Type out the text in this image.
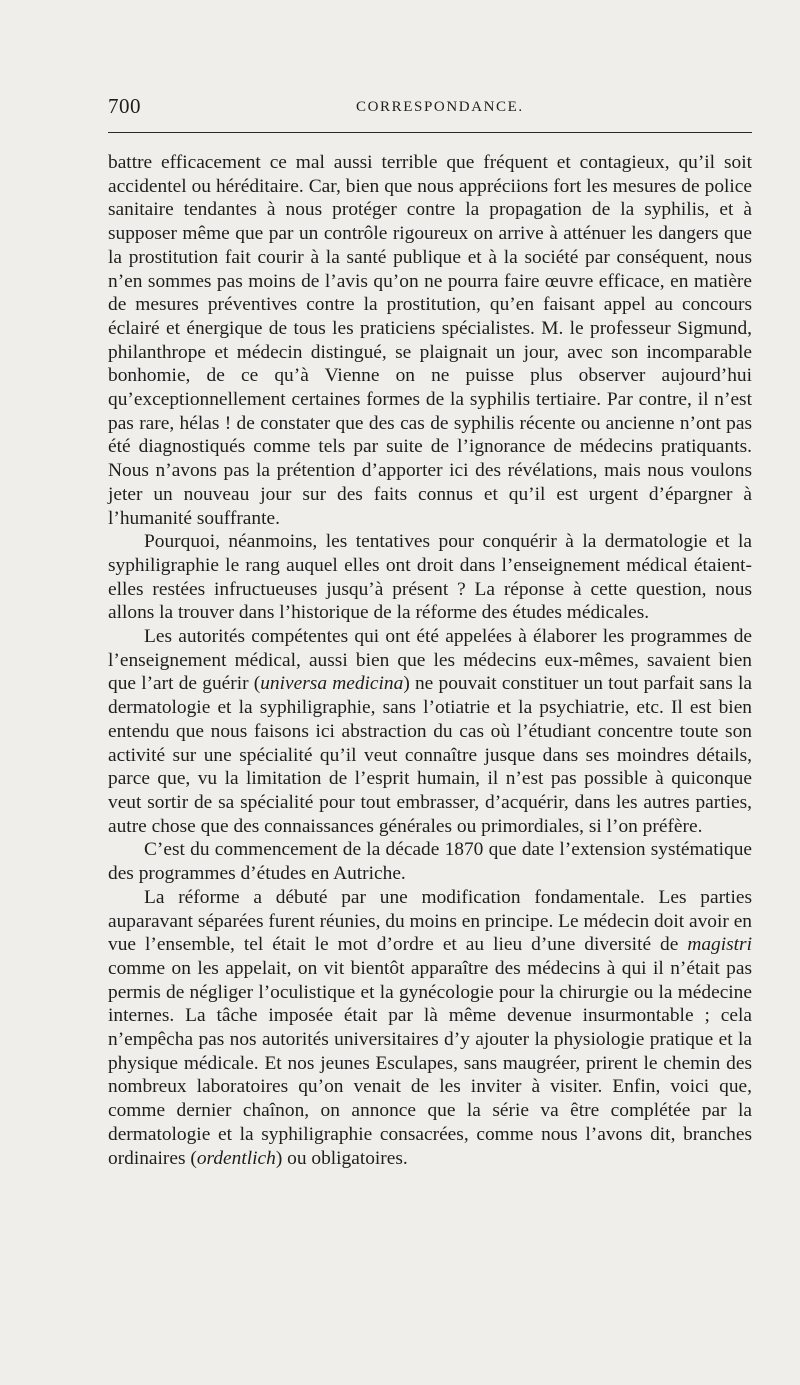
700	CORRESPONDANCE.

battre efficacement ce mal aussi terrible que fréquent et contagieux, qu’il soit accidentel ou héréditaire. Car, bien que nous appréciions fort les mesures de police sanitaire tendantes à nous protéger contre la propagation de la syphilis, et à supposer même que par un contrôle rigoureux on arrive à atténuer les dangers que la prostitution fait courir à la santé publique et à la société par conséquent, nous n’en sommes pas moins de l’avis qu’on ne pourra faire œuvre efficace, en matière de mesures préventives contre la prostitution, qu’en faisant appel au concours éclairé et énergique de tous les praticiens spécialistes. M. le professeur Sigmund, philanthrope et médecin distingué, se plaignait un jour, avec son incomparable bonhomie, de ce qu’à Vienne on ne puisse plus observer aujourd’hui qu’exceptionnellement certaines formes de la syphilis tertiaire. Par contre, il n’est pas rare, hélas ! de constater que des cas de syphilis récente ou ancienne n’ont pas été diagnostiqués comme tels par suite de l’ignorance de médecins pratiquants. Nous n’avons pas la prétention d’apporter ici des révélations, mais nous voulons jeter un nouveau jour sur des faits connus et qu’il est urgent d’épargner à l’humanité souffrante.

Pourquoi, néanmoins, les tentatives pour conquérir à la dermatologie et la syphiligraphie le rang auquel elles ont droit dans l’enseignement médical étaient-elles restées infructueuses jusqu’à présent ? La réponse à cette question, nous allons la trouver dans l’historique de la réforme des études médicales.

Les autorités compétentes qui ont été appelées à élaborer les programmes de l’enseignement médical, aussi bien que les médecins eux-mêmes, savaient bien que l’art de guérir (universa medicina) ne pouvait constituer un tout parfait sans la dermatologie et la syphiligraphie, sans l’otiatrie et la psychiatrie, etc. Il est bien entendu que nous faisons ici abstraction du cas où l’étudiant concentre toute son activité sur une spécialité qu’il veut connaître jusque dans ses moindres détails, parce que, vu la limitation de l’esprit humain, il n’est pas possible à quiconque veut sortir de sa spécialité pour tout embrasser, d’acquérir, dans les autres parties, autre chose que des connaissances générales ou primordiales, si l’on préfère.

C’est du commencement de la décade 1870 que date l’extension systématique des programmes d’études en Autriche.

La réforme a débuté par une modification fondamentale. Les parties auparavant séparées furent réunies, du moins en principe. Le médecin doit avoir en vue l’ensemble, tel était le mot d’ordre et au lieu d’une diversité de magistri comme on les appelait, on vit bientôt apparaître des médecins à qui il n’était pas permis de négliger l’oculistique et la gynécologie pour la chirurgie ou la médecine internes. La tâche imposée était par là même devenue insurmontable ; cela n’empêcha pas nos autorités universitaires d’y ajouter la physiologie pratique et la physique médicale. Et nos jeunes Esculapes, sans maugréer, prirent le chemin des nombreux laboratoires qu’on venait de les inviter à visiter. Enfin, voici que, comme dernier chaînon, on annonce que la série va être complétée par la dermatologie et la syphiligraphie consacrées, comme nous l’avons dit, branches ordinaires (ordentlich) ou obligatoires.
